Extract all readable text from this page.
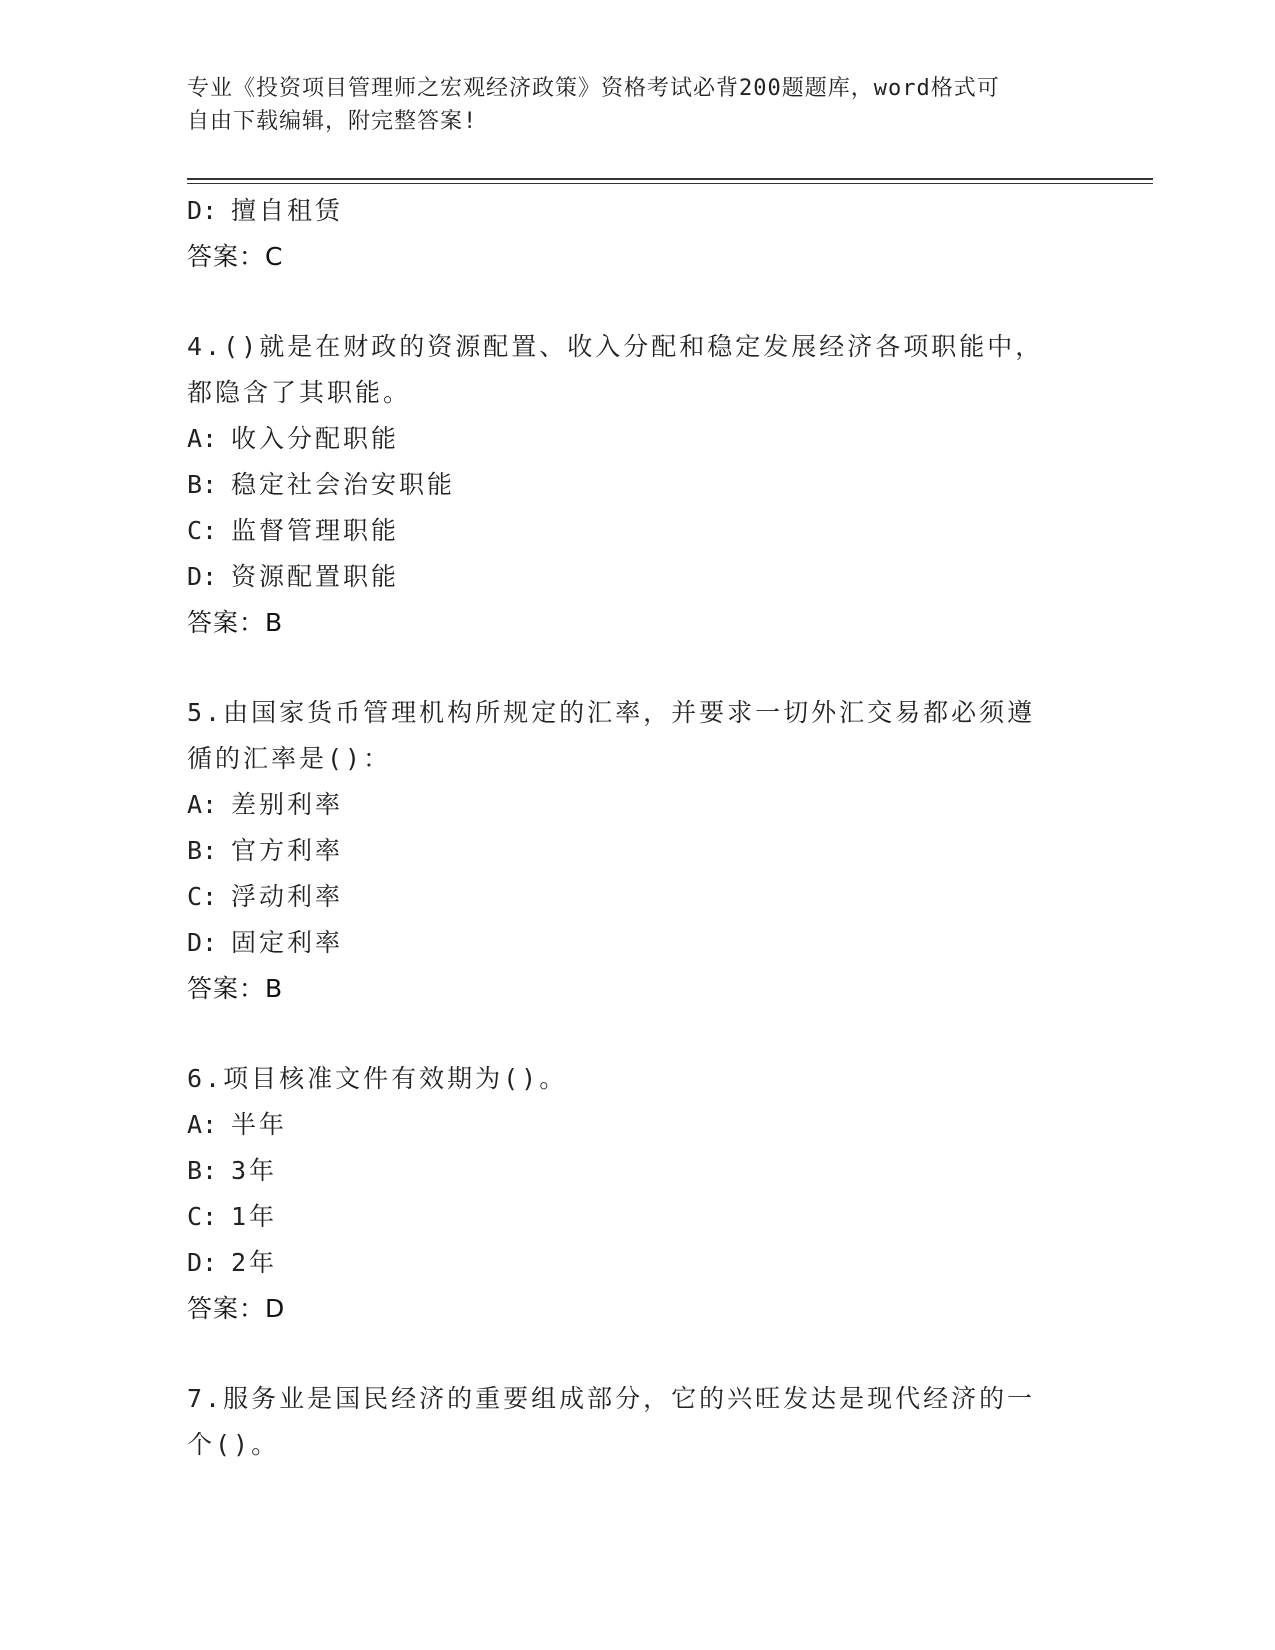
专业《投资项目管理师之宏观经济政策》资格考试必背200题题库，word格式可
自由下载编辑，附完整答案!
D: 擅自租赁
答案：C
4.()就是在财政的资源配置、收入分配和稳定发展经济各项职能中，
都隐含了其职能。
A: 收入分配职能
B: 稳定社会治安职能
C: 监督管理职能
D: 资源配置职能
答案：B
5.由国家货币管理机构所规定的汇率，并要求一切外汇交易都必须遵
循的汇率是()：
A: 差别利率
B: 官方利率
C: 浮动利率
D: 固定利率
答案：B
6.项目核准文件有效期为()。
A: 半年
B: 3年
C: 1年
D: 2年
答案：D
7.服务业是国民经济的重要组成部分，它的兴旺发达是现代经济的一
个()。
